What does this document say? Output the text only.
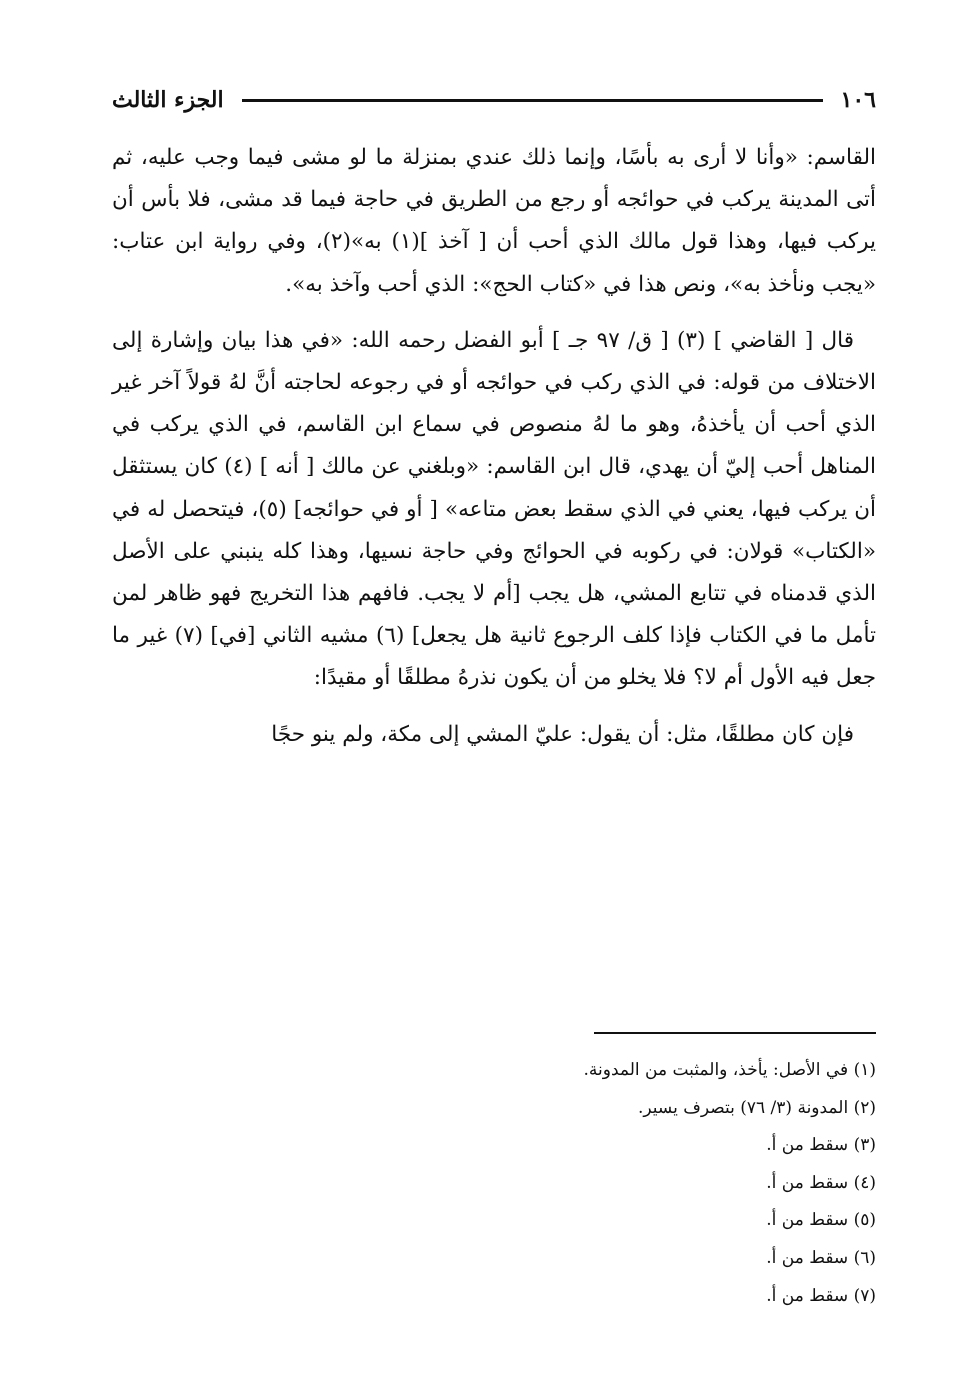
١٠٦
الجزء الثالث

القاسم: «وأنا لا أرى به بأسًا، وإنما ذلك عندي بمنزلة ما لو مشى فيما وجب عليه، ثم أتى المدينة يركب في حوائجه أو رجع من الطريق في حاجة فيما قد مشى، فلا بأس أن يركب فيها، وهذا قول مالك الذي أحب أن [ آخذ ](١) به»(٢)، وفي رواية ابن عتاب: «يجب ونأخذ به»، ونص هذا في «كتاب الحج»: الذي أحب وآخذ به».

قال [ القاضي ] (٣) [ ق/ ٩٧ جـ ] أبو الفضل رحمه الله: «في هذا بيان وإشارة إلى الاختلاف من قوله: في الذي ركب في حوائجه أو في رجوعه لحاجته أنَّ لهُ قولاً آخر غير الذي أحب أن يأخذهُ، وهو ما لهُ منصوص في سماع ابن القاسم، في الذي يركب في المناهل أحب إليّ أن يهدي، قال ابن القاسم: «وبلغني عن مالك [ أنه ] (٤) كان يستثقل أن يركب فيها، يعني في الذي سقط بعض متاعه» [ أو في حوائجه] (٥)، فيتحصل له في «الكتاب» قولان: في ركوبه في الحوائج وفي حاجة نسيها، وهذا كله ينبني على الأصل الذي قدمناه في تتابع المشي، هل يجب [أم لا يجب. فافهم هذا التخريج فهو ظاهر لمن تأمل ما في الكتاب فإذا كلف الرجوع ثانية هل يجعل] (٦) مشيه الثاني [في] (٧) غير ما جعل فيه الأول أم لا؟ فلا يخلو من أن يكون نذرهُ مطلقًا أو مقيدًا:

فإن كان مطلقًا، مثل: أن يقول: عليّ المشي إلى مكة، ولم ينو حجًا

(١) في الأصل: يأخذ، والمثبت من المدونة.
(٢) المدونة (٣/ ٧٦) بتصرف يسير.
(٣) سقط من أ.
(٤) سقط من أ.
(٥) سقط من أ.
(٦) سقط من أ.
(٧) سقط من أ.
